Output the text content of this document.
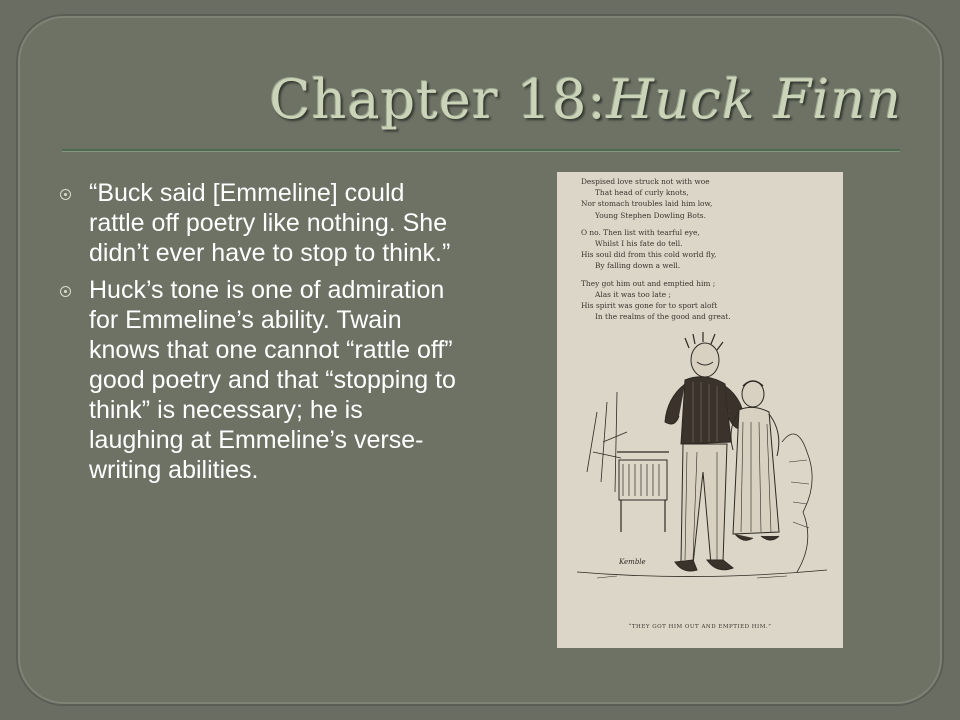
Chapter 18:Huck Finn
“Buck said [Emmeline] could rattle off poetry like nothing. She didn’t ever have to stop to think.”
Huck’s tone is one of admiration for Emmeline’s ability. Twain knows that one cannot “rattle off” good poetry and that “stopping to think” is necessary; he is laughing at Emmeline’s verse-writing abilities.
Despised love struck not with woe
That head of curly knots,
Nor stomach troubles laid him low,
Young Stephen Dowling Bots.
O no. Then list with tearful eye,
Whilst I his fate do tell.
His soul did from this cold world fly,
By falling down a well.
They got him out and emptied him ;
Alas it was too late ;
His spirit was gone for to sport aloft
In the realms of the good and great.
Kemble
“THEY GOT HIM OUT AND EMPTIED HIM.”
